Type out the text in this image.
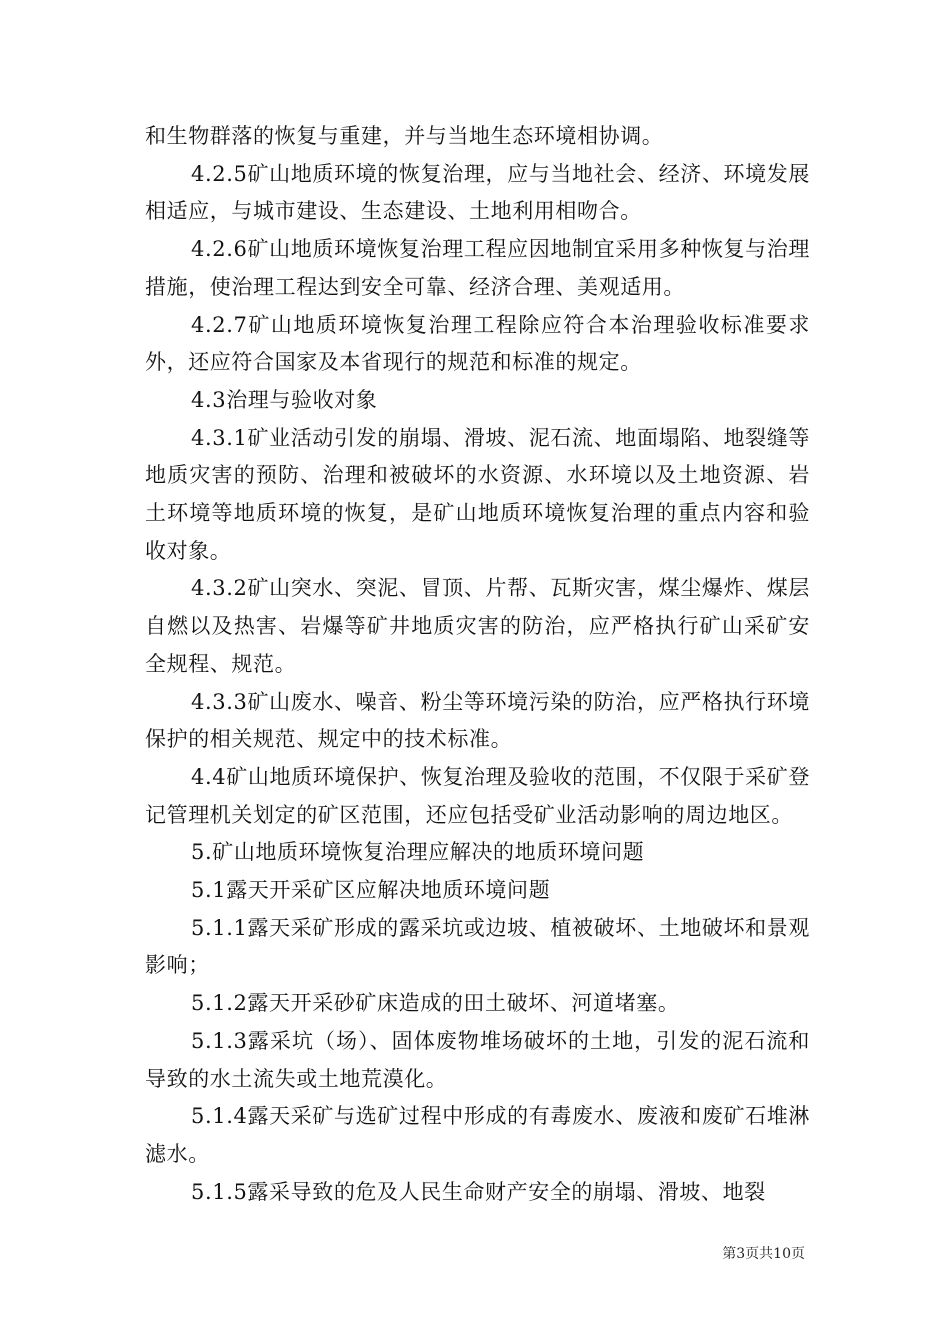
和生物群落的恢复与重建，并与当地生态环境相协调。

4.2.5矿山地质环境的恢复治理，应与当地社会、经济、环境发展相适应，与城市建设、生态建设、土地利用相吻合。

4.2.6矿山地质环境恢复治理工程应因地制宜采用多种恢复与治理措施，使治理工程达到安全可靠、经济合理、美观适用。

4.2.7矿山地质环境恢复治理工程除应符合本治理验收标准要求外，还应符合国家及本省现行的规范和标准的规定。

4.3治理与验收对象

4.3.1矿业活动引发的崩塌、滑坡、泥石流、地面塌陷、地裂缝等地质灾害的预防、治理和被破坏的水资源、水环境以及土地资源、岩土环境等地质环境的恢复，是矿山地质环境恢复治理的重点内容和验收对象。

4.3.2矿山突水、突泥、冒顶、片帮、瓦斯灾害，煤尘爆炸、煤层自燃以及热害、岩爆等矿井地质灾害的防治，应严格执行矿山采矿安全规程、规范。

4.3.3矿山废水、噪音、粉尘等环境污染的防治，应严格执行环境保护的相关规范、规定中的技术标准。

4.4矿山地质环境保护、恢复治理及验收的范围，不仅限于采矿登记管理机关划定的矿区范围，还应包括受矿业活动影响的周边地区。

5.矿山地质环境恢复治理应解决的地质环境问题

5.1露天开采矿区应解决地质环境问题

5.1.1露天采矿形成的露采坑或边坡、植被破坏、土地破坏和景观影响；

5.1.2露天开采砂矿床造成的田土破坏、河道堵塞。

5.1.3露采坑（场）、固体废物堆场破坏的土地，引发的泥石流和导致的水土流失或土地荒漠化。

5.1.4露天采矿与选矿过程中形成的有毒废水、废液和废矿石堆淋滤水。

5.1.5露采导致的危及人民生命财产安全的崩塌、滑坡、地裂

第3页共10页
